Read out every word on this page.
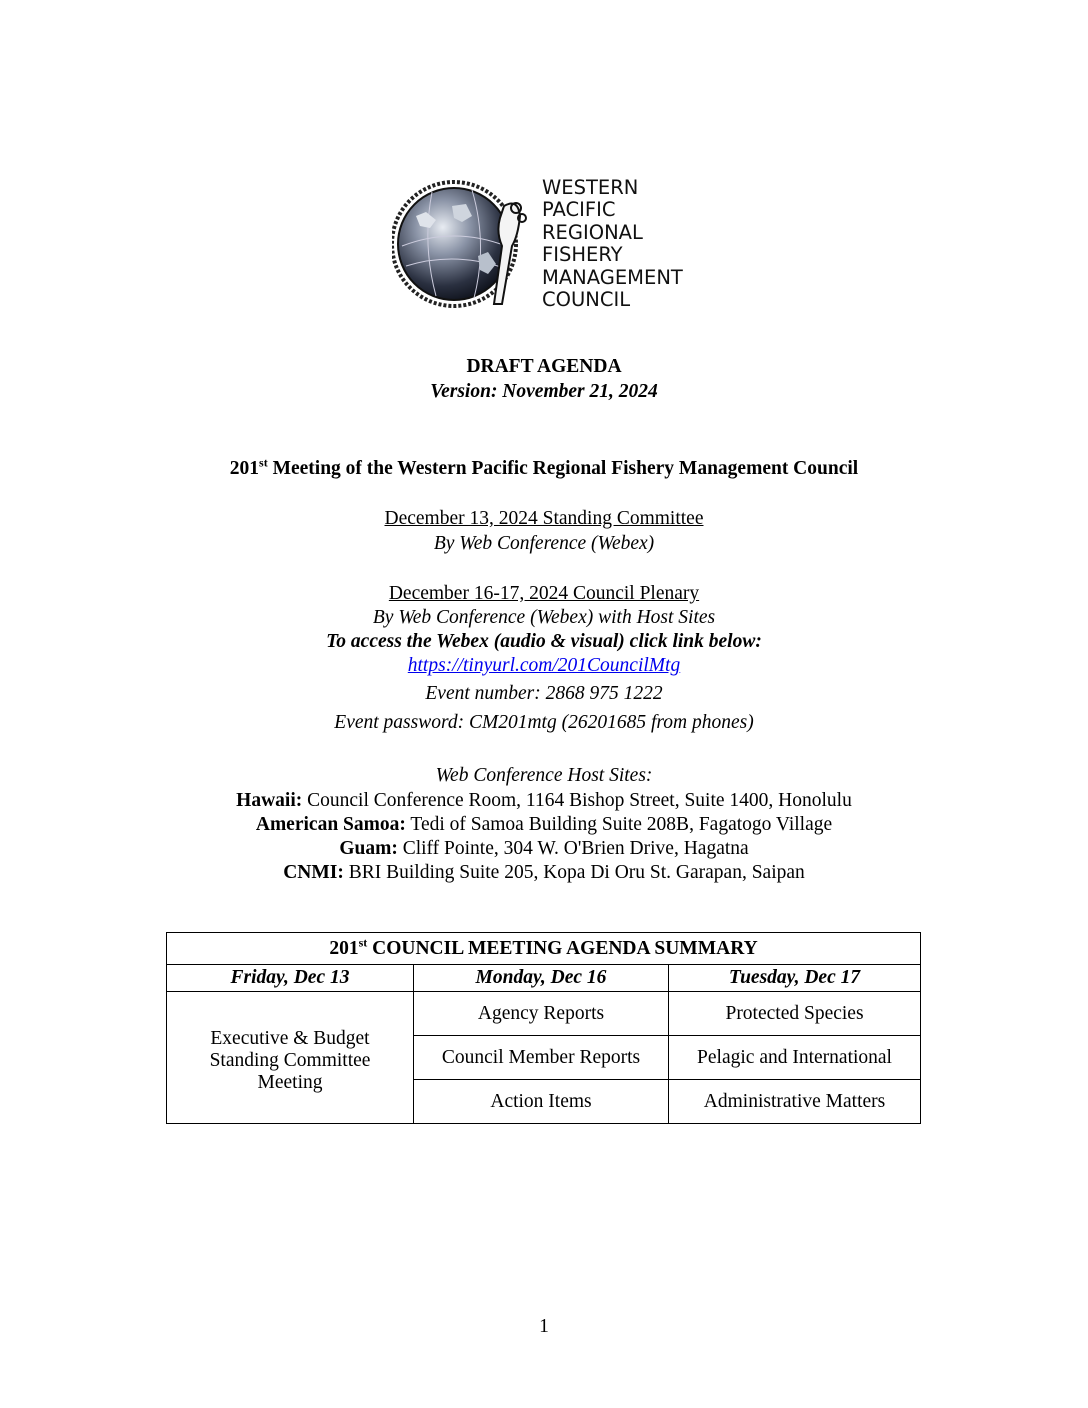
WESTERN
PACIFIC
REGIONAL
FISHERY
MANAGEMENT
COUNCIL
DRAFT AGENDA
Version: November 21, 2024
201st Meeting of the Western Pacific Regional Fishery Management Council
December 13, 2024 Standing Committee
By Web Conference (Webex)
December 16-17, 2024 Council Plenary
By Web Conference (Webex) with Host Sites
To access the Webex (audio & visual) click link below:
https://tinyurl.com/201CouncilMtg
Event number: 2868 975 1222
Event password: CM201mtg (26201685 from phones)
Web Conference Host Sites:
Hawaii: Council Conference Room, 1164 Bishop Street, Suite 1400, Honolulu
American Samoa: Tedi of Samoa Building Suite 208B, Fagatogo Village
Guam: Cliff Pointe, 304 W. O'Brien Drive, Hagatna
CNMI: BRI Building Suite 205, Kopa Di Oru St. Garapan, Saipan
201st COUNCIL MEETING AGENDA SUMMARY		
Friday, Dec 13	Monday, Dec 16	Tuesday, Dec 17

Executive & Budget
Standing Committee
Meeting	Agency Reports	Protected Species
	Council Member Reports	Pelagic and International
	Action Items	Administrative Matters
1
